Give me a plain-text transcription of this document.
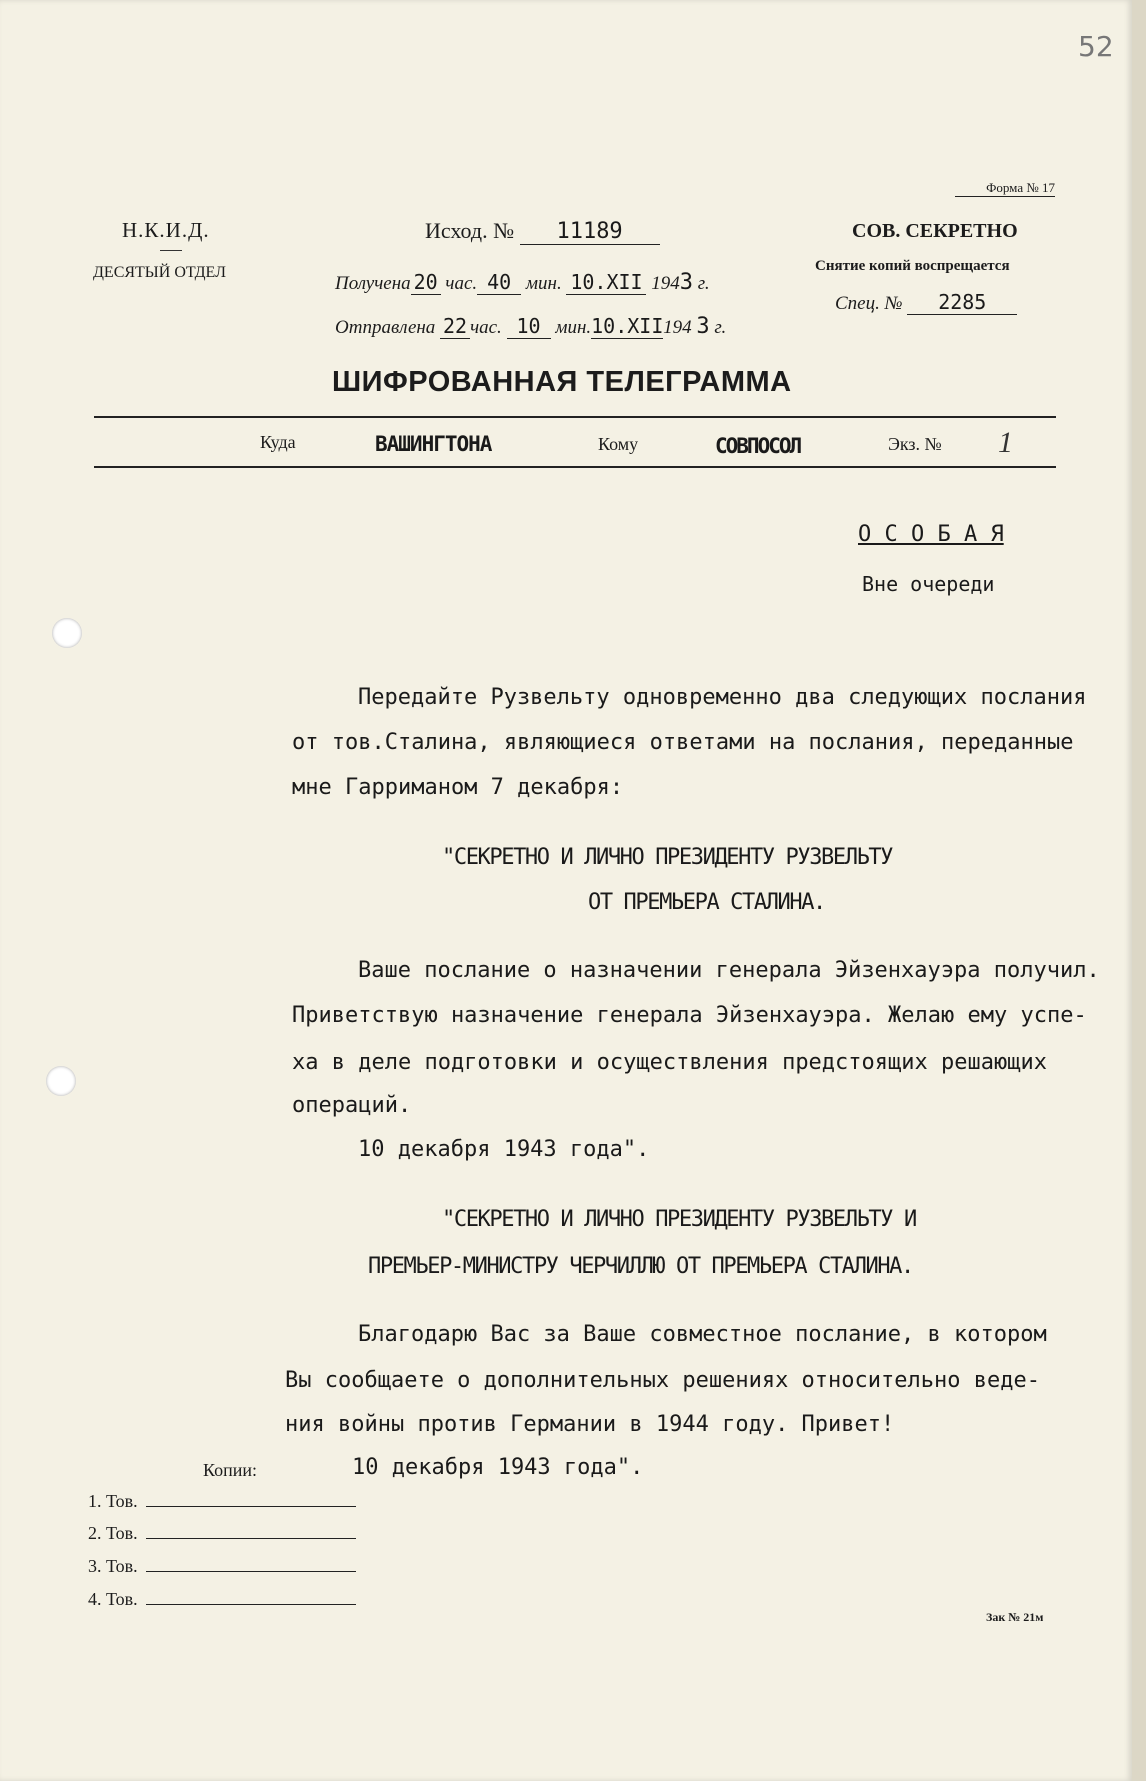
52
Форма № 17
Н.К.И.Д.
ДЕСЯТЫЙ ОТДЕЛ
Исход. № 11189
Получена 20 час. 40 мин. 10.XII 1943 г.
Отправлена 22 час. 10 мин.10.XII194 3 г.
СОВ. СЕКРЕТНО
Снятие копий воспрещается
Спец. № 2285
ШИФРОВАННАЯ ТЕЛЕГРАММА
Куда	ВАШИНГТОНА	Кому	СОВПОСОЛ	Экз. № 1
О С О Б А Я
Вне очереди
Передайте Рузвельту одновременно два следующих послания
от тов.Сталина, являющиеся ответами на послания, переданные
мне Гарриманом 7 декабря:
"СЕКРЕТНО И ЛИЧНО ПРЕЗИДЕНТУ РУЗВЕЛЬТУ
ОТ ПРЕМЬЕРА СТАЛИНА.
Ваше послание о назначении генерала Эйзенхауэра получил.
Приветствую назначение генерала Эйзенхауэра. Желаю ему успе-
ха в деле подготовки и осуществления предстоящих решающих
операций.
10 декабря 1943 года".
"СЕКРЕТНО И ЛИЧНО ПРЕЗИДЕНТУ РУЗВЕЛЬТУ И
ПРЕМЬЕР-МИНИСТРУ ЧЕРЧИЛЛЮ ОТ ПРЕМЬЕРА СТАЛИНА.
Благодарю Вас за Ваше совместное послание, в котором
Вы сообщаете о дополнительных решениях относительно веде-
ния войны против Германии в 1944 году. Привет!
10 декабря 1943 года".
Копии:
1. Тов.
2. Тов.
3. Тов.
4. Тов.
Зак № 21м
